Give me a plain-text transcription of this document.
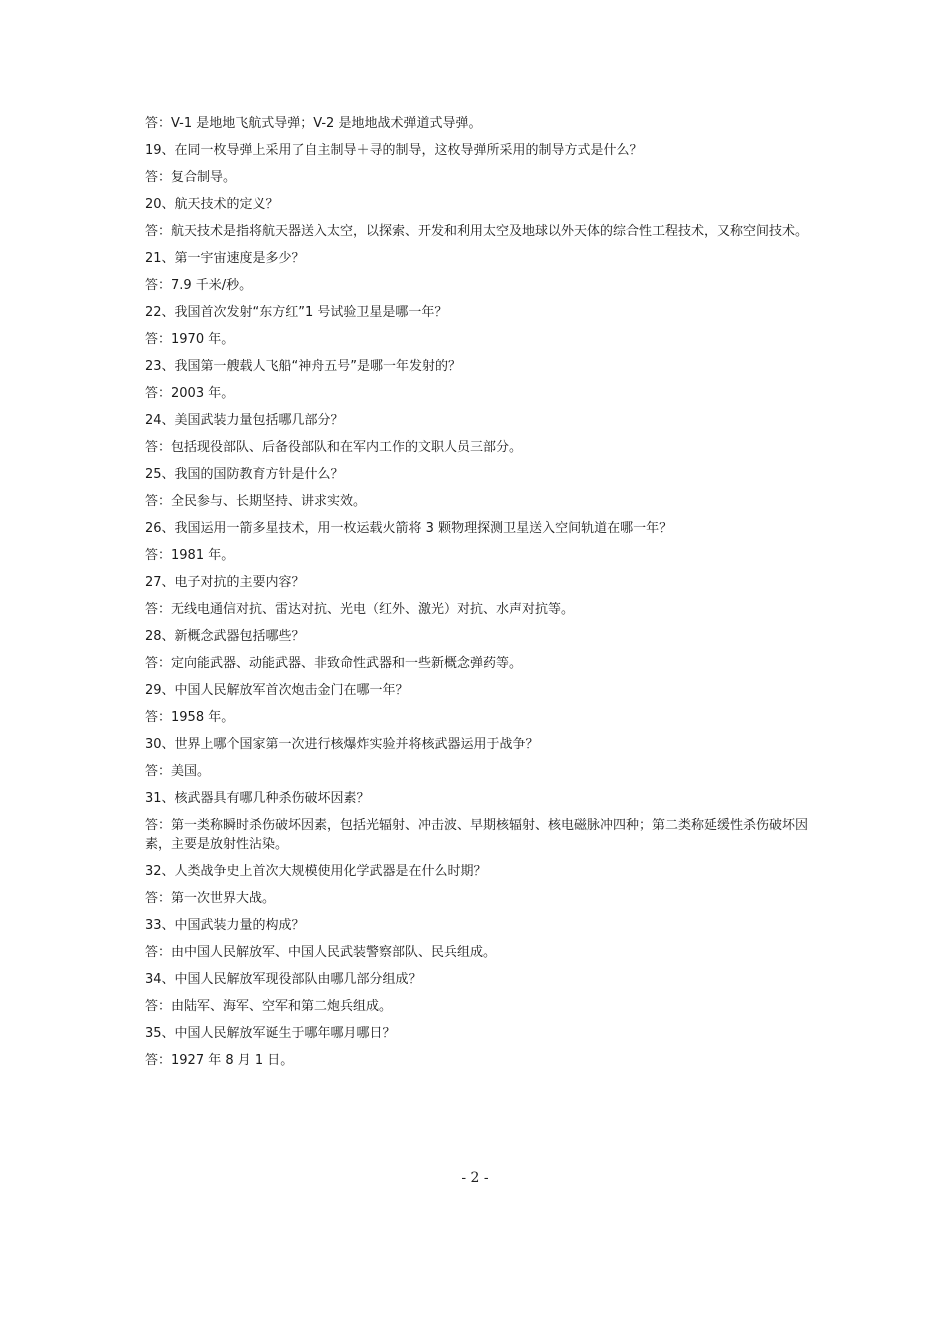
答：V-1 是地地飞航式导弹；V-2 是地地战术弹道式导弹。

19、在同一枚导弹上采用了自主制导＋寻的制导，这枚导弹所采用的制导方式是什么？

答：复合制导。

20、航天技术的定义？

答：航天技术是指将航天器送入太空，以探索、开发和利用太空及地球以外天体的综合性工程技术，又称空间技术。

21、第一宇宙速度是多少？

答：7.9 千米/秒。

22、我国首次发射“东方红”1 号试验卫星是哪一年？

答：1970 年。

23、我国第一艘载人飞船“神舟五号”是哪一年发射的？

答：2003 年。

24、美国武装力量包括哪几部分？

答：包括现役部队、后备役部队和在军内工作的文职人员三部分。

25、我国的国防教育方针是什么？

答：全民参与、长期坚持、讲求实效。

26、我国运用一箭多星技术，用一枚运载火箭将 3 颗物理探测卫星送入空间轨道在哪一年？

答：1981 年。

27、电子对抗的主要内容？

答：无线电通信对抗、雷达对抗、光电（红外、激光）对抗、水声对抗等。

28、新概念武器包括哪些？

答：定向能武器、动能武器、非致命性武器和一些新概念弹药等。

29、中国人民解放军首次炮击金门在哪一年？

答：1958 年。

30、世界上哪个国家第一次进行核爆炸实验并将核武器运用于战争？

答：美国。

31、核武器具有哪几种杀伤破坏因素？

答：第一类称瞬时杀伤破坏因素，包括光辐射、冲击波、早期核辐射、核电磁脉冲四种；第二类称延缓性杀伤破坏因素，主要是放射性沾染。

32、人类战争史上首次大规模使用化学武器是在什么时期？

答：第一次世界大战。

33、中国武装力量的构成？

答：由中国人民解放军、中国人民武装警察部队、民兵组成。

34、中国人民解放军现役部队由哪几部分组成？

答：由陆军、海军、空军和第二炮兵组成。

35、中国人民解放军诞生于哪年哪月哪日？

答：1927 年 8 月 1 日。

- 2 -
